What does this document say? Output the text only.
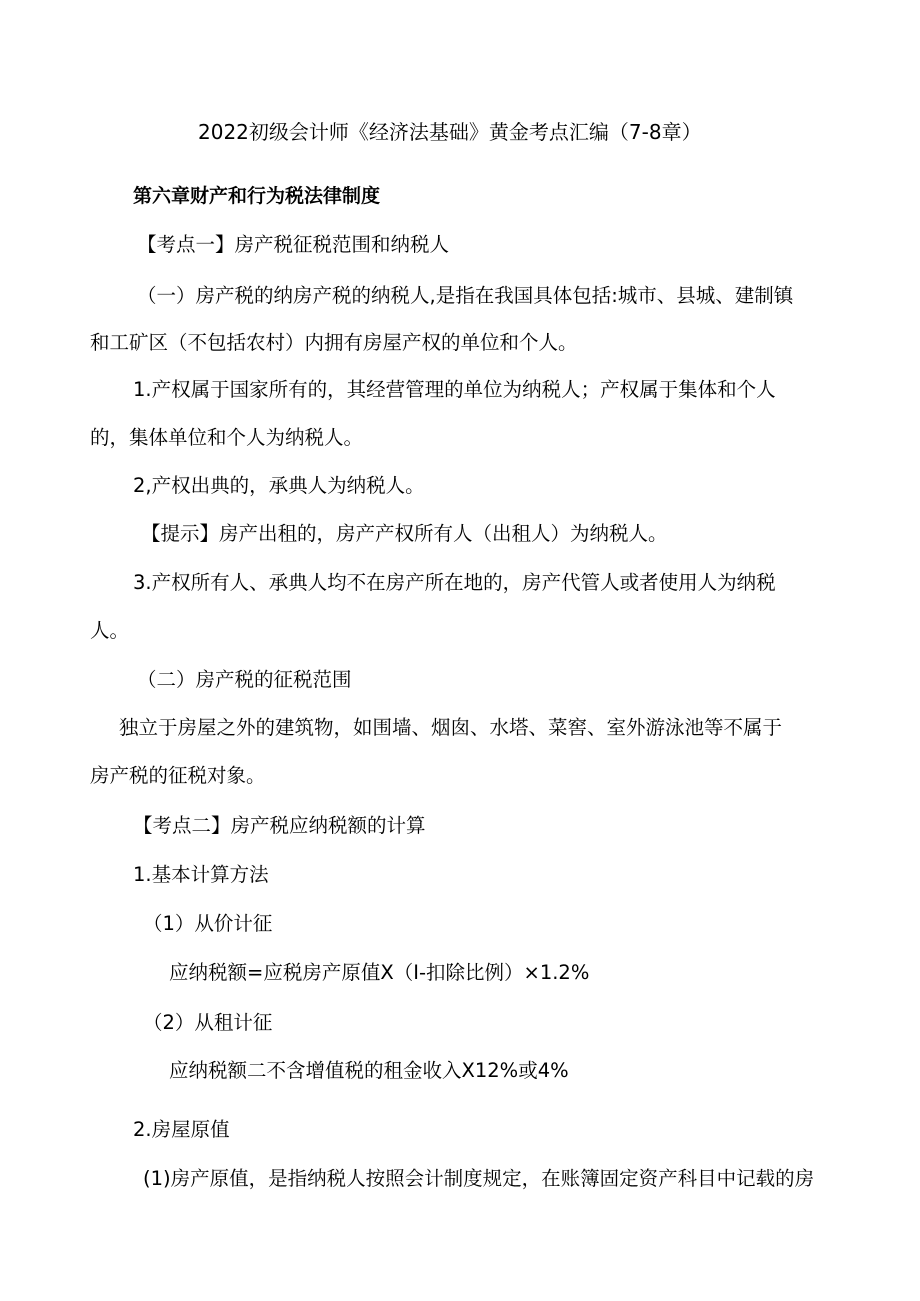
2022初级会计师《经济法基础》黄金考点汇编（7-8章）
第六章财产和行为税法律制度
【考点一】房产税征税范围和纳税人
（一）房产税的纳房产税的纳税人,是指在我国具体包括:城市、县城、建制镇
和工矿区（不包括农村）内拥有房屋产权的单位和个人。
1.产权属于国家所有的，其经营管理的单位为纳税人；产权属于集体和个人
的，集体单位和个人为纳税人。
2,产权出典的，承典人为纳税人。
【提示】房产出租的，房产产权所有人（出租人）为纳税人。
3.产权所有人、承典人均不在房产所在地的，房产代管人或者使用人为纳税
人。
（二）房产税的征税范围
独立于房屋之外的建筑物，如围墙、烟囱、水塔、菜窖、室外游泳池等不属于
房产税的征税对象。
【考点二】房产税应纳税额的计算
1.基本计算方法
（1）从价计征
应纳税额=应税房产原值X（I-扣除比例）×1.2%
（2）从租计征
应纳税额二不含增值税的租金收入X12%或4%
2.房屋原值
(1)房产原值，是指纳税人按照会计制度规定，在账簿固定资产科目中记载的房
